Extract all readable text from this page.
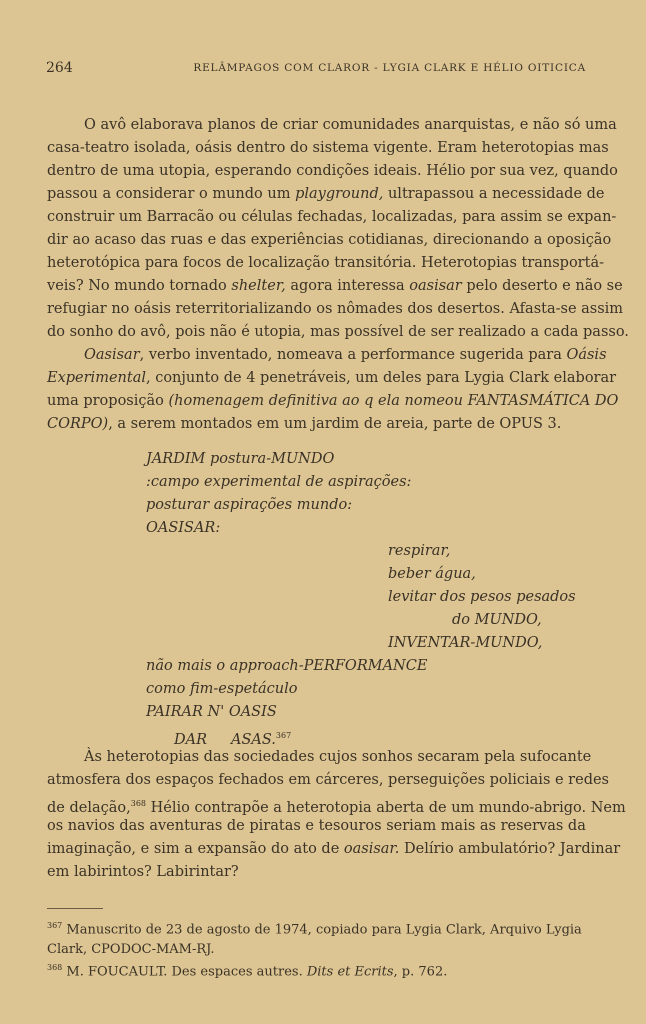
264	RELÂMPAGOS COM CLAROR - LYGIA CLARK E HÉLIO OITICICA
O avô elaborava planos de criar comunidades anarquistas, e não só uma
casa-teatro isolada, oásis dentro do sistema vigente. Eram heterotopias mas
dentro de uma utopia, esperando condições ideais. Hélio por sua vez, quando
passou a considerar o mundo um playground, ultrapassou a necessidade de
construir um Barracão ou células fechadas, localizadas, para assim se expan-
dir ao acaso das ruas e das experiências cotidianas, direcionando a oposição
heterotópica para focos de localização transitória. Heterotopias transportá-
veis? No mundo tornado shelter, agora interessa oasisar pelo deserto e não se
refugiar no oásis reterritorializando os nômades dos desertos. Afasta-se assim
do sonho do avô, pois não é utopia, mas possível de ser realizado a cada passo.
Oasisar, verbo inventado, nomeava a performance sugerida para Oásis
Experimental, conjunto de 4 penetráveis, um deles para Lygia Clark elaborar
uma proposição (homenagem definitiva ao q ela nomeou FANTASMÁTICA DO
CORPO), a serem montados em um jardim de areia, parte de OPUS 3.
JARDIM postura-MUNDO
:campo experimental de aspirações:
posturar aspirações mundo:
OASISAR:
respirar,
beber água,
levitar dos pesos pesados
do MUNDO,
INVENTAR-MUNDO,
não mais o approach-PERFORMANCE
como fim-espetáculo
PAIRAR N' OASIS
DAR ASAS.$^{367}$
Às heterotopias das sociedades cujos sonhos secaram pela sufocante
atmosfera dos espaços fechados em cárceres, perseguições policiais e redes
de delação,$^{368}$ Hélio contrapõe a heterotopia aberta de um mundo-abrigo. Nem
os navios das aventuras de piratas e tesouros seriam mais as reservas da
imaginação, e sim a expansão do ato de oasisar. Delírio ambulatório? Jardinar
em labirintos? Labirintar?
$^{367}$ Manuscrito de 23 de agosto de 1974, copiado para Lygia Clark, Arquivo Lygia
Clark, CPODOC-MAM-RJ.
$^{368}$ M. FOUCAULT. Des espaces autres. Dits et Ecrits, p. 762.
